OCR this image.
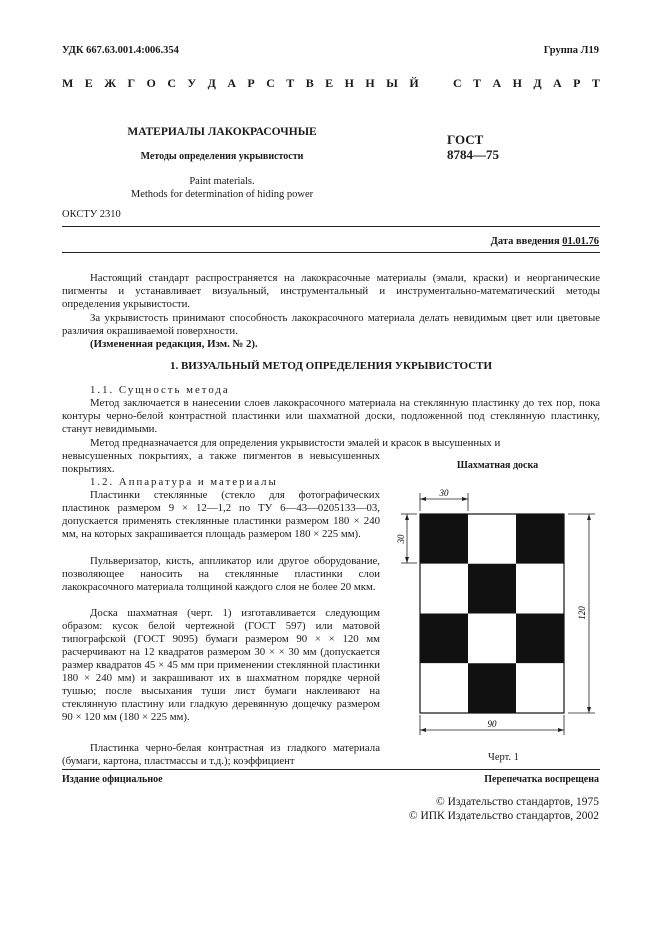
УДК 667.63.001.4:006.354	Группа Л19
М Е Ж Г О С У Д А Р С Т В Е Н Н Ы Й	С Т А Н Д А Р Т
МАТЕРИАЛЫ ЛАКОКРАСОЧНЫЕ
Методы определения укрывистости
Paint materials.
Methods for determination of hiding power
ГОСТ
8784—75
ОКСТУ 2310
Дата введения 01.01.76
Настоящий стандарт распространяется на лакокрасочные материалы (эмали, краски) и неорганические пигменты и устанавливает визуальный, инструментальный и инструментально-математический методы определения укрывистости.
За укрывистость принимают способность лакокрасочного материала делать невидимым цвет или цветовые различия окрашиваемой поверхности.
(Измененная редакция, Изм. № 2).
1. ВИЗУАЛЬНЫЙ МЕТОД ОПРЕДЕЛЕНИЯ УКРЫВИСТОСТИ
1.1. Сущность метода
Метод заключается в нанесении слоев лакокрасочного материала на стеклянную пластинку до тех пор, пока контуры черно-белой контрастной пластинки или шахматной доски, подложенной под стеклянную пластинку, станут невидимыми.
Метод предназначается для определения укрывистости эмалей и красок в высушенных и
невысушенных покрытиях, а также пигментов в невысушенных покрытиях.
1.2. Аппаратура и материалы
Пластинки стеклянные (стекло для фотографических пластинок размером 9 × 12—1,2 по ТУ 6—43—0205133—03, допускается применять стеклянные пластинки размером 180 × 240 мм, на которых закрашивается площадь размером 180 × 225 мм).
Пульверизатор, кисть, аппликатор или другое оборудование, позволяющее наносить на стеклянные пластинки слои лакокрасочного материала толщиной каждого слоя не более 20 мкм.
Доска шахматная (черт. 1) изготавливается следующим образом: кусок белой чертежной (ГОСТ 597) или матовой типографской (ГОСТ 9095) бумаги размером 90 × × 120 мм расчерчивают на 12 квадратов размером 30 × × 30 мм (допускается размер квадратов 45 × 45 мм при применении стеклянной пластинки 180 × 240 мм) и закрашивают их в шахматном порядке черной тушью; после высыхания туши лист бумаги наклеивают на стеклянную пластину или гладкую деревянную дощечку размером 90 × 120 мм (180 × 225 мм).
Пластинка черно-белая контрастная из гладкого материала (бумаги, картона, пластмассы и т.д.); коэффициент
Шахматная доска
30
30
120
90
Черт. 1
Издание официальное	Перепечатка воспрещена
© Издательство стандартов, 1975
© ИПК Издательство стандартов, 2002
